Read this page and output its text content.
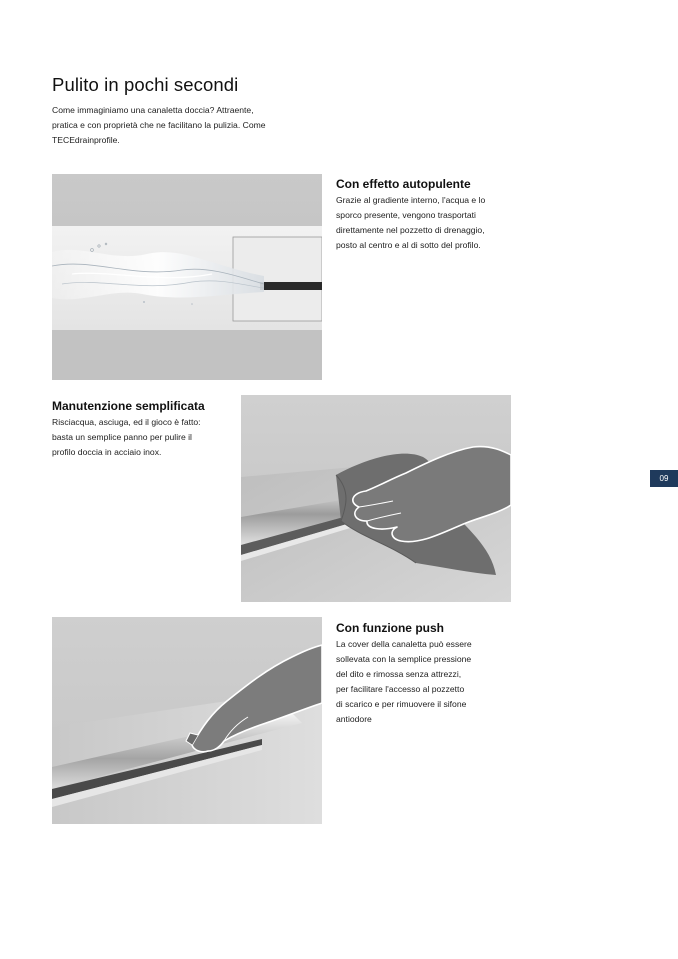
Pulito in pochi secondi

Come immaginiamo una canaletta doccia? Attraente,
pratica e con proprietà che ne facilitano la pulizia. Come
TECEdrainprofile.

Con effetto autopulente

Grazie al gradiente interno, l'acqua e lo
sporco presente, vengono trasportati
direttamente nel pozzetto di drenaggio,
posto al centro e al di sotto del profilo.

Manutenzione semplificata

Risciacqua, asciuga, ed il gioco è fatto:
basta un semplice panno per pulire il
profilo doccia in acciaio inox.

09
Con funzione push

La cover della canaletta può essere
sollevata con la semplice pressione
del dito e rimossa senza attrezzi,
per facilitare l'accesso al pozzetto
di scarico e per rimuovere il sifone
antiodore
